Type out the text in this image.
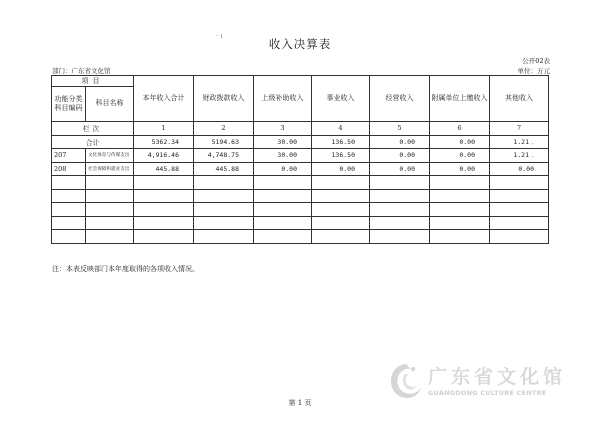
· ı
收入决算表
公开02表
部门：广东省文化馆	单位：万元
项目		本年收入合计	财政拨款收入	上级补助收入	事业收入	经营收入	附属单位上缴收入	其他收入
功能分类科目编码	科目名称							
栏次		1	2	3	4	5	6	7
合计		5362.34	5194.63	30.00	136.50	0.00	0.00	1.21 ⌄
207	文化体育与传媒支出	4,916.46	4,748.75	30.00	136.50	0.00	0.00	1.21 ⌄
208	社会保障和就业支出	445.88	445.88	0.00	0.00	0.00	0.00	0.00

注：本表反映部门本年度取得的各项收入情况。
广东省文化馆
GUANGDONG CULTURE CENTRE
第 1 页
